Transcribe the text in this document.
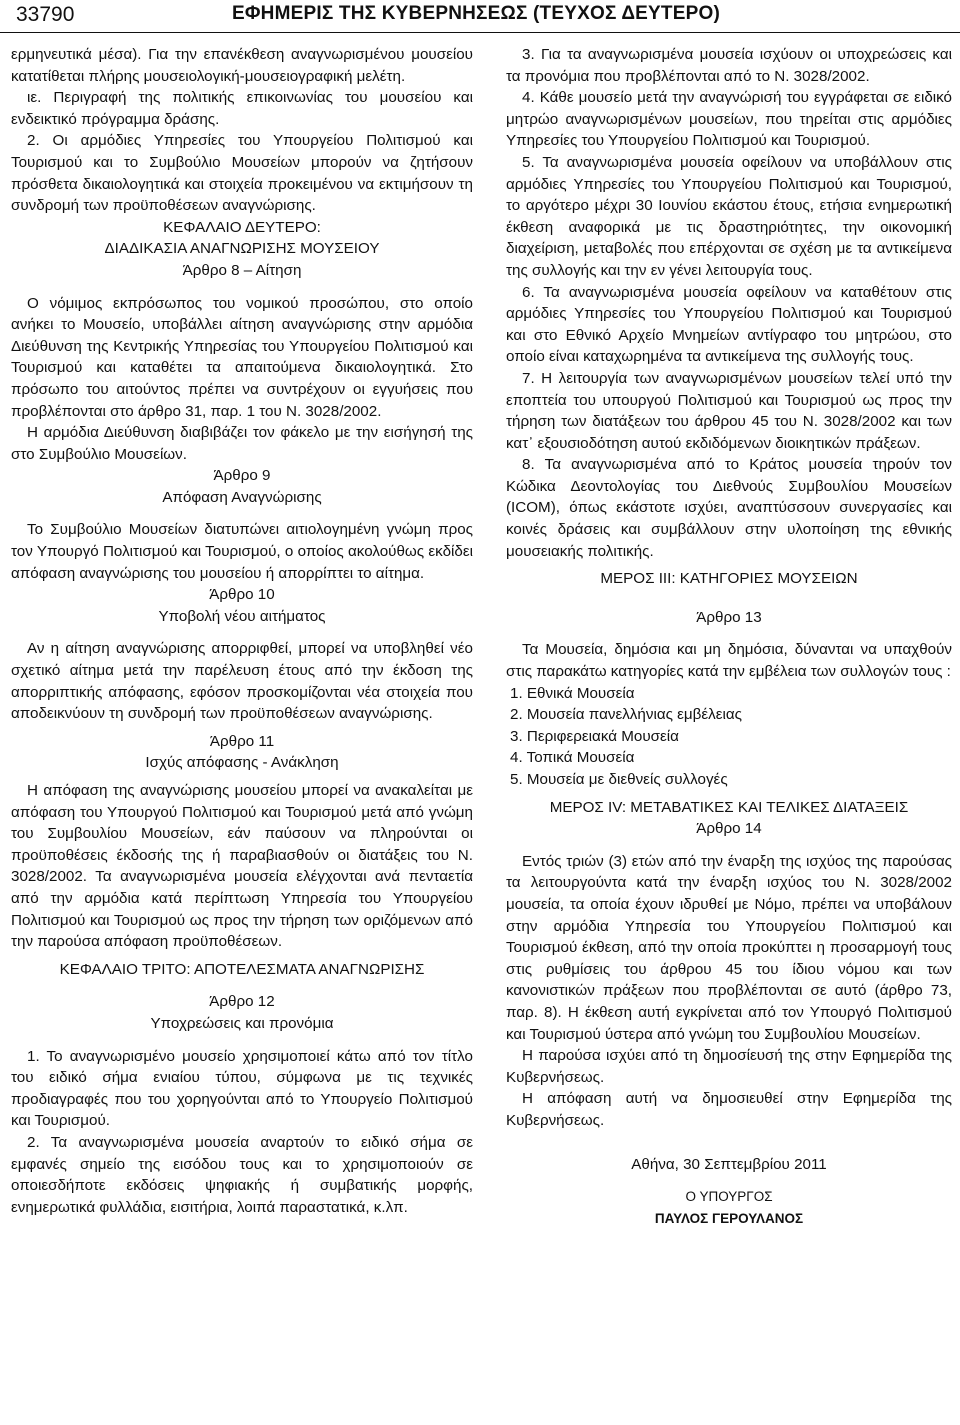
33790	ΕΦΗΜΕΡΙΣ ΤΗΣ ΚΥΒΕΡΝΗΣΕΩΣ (ΤΕΥΧΟΣ ΔΕΥΤΕΡΟ)

ερμηνευτικά μέσα). Για την επανέκθεση αναγνωρισμένου μουσείου κατατίθεται πλήρης μουσειολογική-μουσειογραφική μελέτη.

ιε. Περιγραφή της πολιτικής επικοινωνίας του μουσείου και ενδεικτικό πρόγραμμα δράσης.

2. Οι αρμόδιες Υπηρεσίες του Υπουργείου Πολιτισμού και Τουρισμού και το Συμβούλιο Μουσείων μπορούν να ζητήσουν πρόσθετα δικαιολογητικά και στοιχεία προκειμένου να εκτιμήσουν τη συνδρομή των προϋποθέσεων αναγνώρισης.

ΚΕΦΑΛΑΙΟ ΔΕΥΤΕΡΟ:

ΔΙΑΔΙΚΑΣΙΑ ΑΝΑΓΝΩΡΙΣΗΣ ΜΟΥΣΕΙΟΥ

Άρθρο 8 – Αίτηση

Ο νόμιμος εκπρόσωπος του νομικού προσώπου, στο οποίο ανήκει το Μουσείο, υποβάλλει αίτηση αναγνώρισης στην αρμόδια Διεύθυνση της Κεντρικής Υπηρεσίας του Υπουργείου Πολιτισμού και Τουρισμού και καταθέτει τα απαιτούμενα δικαιολογητικά. Στο πρόσωπο του αιτούντος πρέπει να συντρέχουν οι εγγυήσεις που προβλέπονται στο άρθρο 31, παρ. 1 του Ν. 3028/2002.

Η αρμόδια Διεύθυνση διαβιβάζει τον φάκελο με την εισήγησή της στο Συμβούλιο Μουσείων.

Άρθρο 9

Απόφαση Αναγνώρισης

Το Συμβούλιο Μουσείων διατυπώνει αιτιολογημένη γνώμη προς τον Υπουργό Πολιτισμού και Τουρισμού, ο οποίος ακολούθως εκδίδει απόφαση αναγνώρισης του μουσείου ή απορρίπτει το αίτημα.

Άρθρο 10

Υποβολή νέου αιτήματος

Αν η αίτηση αναγνώρισης απορριφθεί, μπορεί να υποβληθεί νέο σχετικό αίτημα μετά την παρέλευση έτους από την έκδοση της απορριπτικής απόφασης, εφόσον προσκομίζονται νέα στοιχεία που αποδεικνύουν τη συνδρομή των προϋποθέσεων αναγνώρισης.

Άρθρο 11

Ισχύς απόφασης - Ανάκληση

Η απόφαση της αναγνώρισης μουσείου μπορεί να ανακαλείται με απόφαση του Υπουργού Πολιτισμού και Τουρισμού μετά από γνώμη του Συμβουλίου Μουσείων, εάν παύσουν να πληρούνται οι προϋποθέσεις έκδοσής της ή παραβιασθούν οι διατάξεις του Ν. 3028/2002. Τα αναγνωρισμένα μουσεία ελέγχονται ανά πενταετία από την αρμόδια κατά περίπτωση Υπηρεσία του Υπουργείου Πολιτισμού και Τουρισμού ως προς την τήρηση των οριζόμενων από την παρούσα απόφαση προϋποθέσεων.

ΚΕΦΑΛΑΙΟ ΤΡΙΤΟ: ΑΠΟΤΕΛΕΣΜΑΤΑ ΑΝΑΓΝΩΡΙΣΗΣ

Άρθρο 12

Υποχρεώσεις και προνόμια

1. Το αναγνωρισμένο μουσείο χρησιμοποιεί κάτω από τον τίτλο του ειδικό σήμα ενιαίου τύπου, σύμφωνα με τις τεχνικές προδιαγραφές που του χορηγούνται από το Υπουργείο Πολιτισμού και Τουρισμού.

2. Τα αναγνωρισμένα μουσεία αναρτούν το ειδικό σήμα σε εμφανές σημείο της εισόδου τους και το χρησιμοποιούν σε οποιεσδήποτε εκδόσεις ψηφιακής ή συμβατικής μορφής, ενημερωτικά φυλλάδια, εισιτήρια, λοιπά παραστατικά, κ.λπ.

3. Για τα αναγνωρισμένα μουσεία ισχύουν οι υποχρεώσεις και τα προνόμια που προβλέπονται από το Ν. 3028/2002.

4. Κάθε μουσείο μετά την αναγνώρισή του εγγράφεται σε ειδικό μητρώο αναγνωρισμένων μουσείων, που τηρείται στις αρμόδιες Υπηρεσίες του Υπουργείου Πολιτισμού και Τουρισμού.

5. Τα αναγνωρισμένα μουσεία οφείλουν να υποβάλλουν στις αρμόδιες Υπηρεσίες του Υπουργείου Πολιτισμού και Τουρισμού, το αργότερο μέχρι 30 Ιουνίου εκάστου έτους, ετήσια ενημερωτική έκθεση αναφορικά με τις δραστηριότητες, την οικονομική διαχείριση, μεταβολές που επέρχονται σε σχέση με τα αντικείμενα της συλλογής και την εν γένει λειτουργία τους.

6. Τα αναγνωρισμένα μουσεία οφείλουν να καταθέτουν στις αρμόδιες Υπηρεσίες του Υπουργείου Πολιτισμού και Τουρισμού και στο Εθνικό Αρχείο Μνημείων αντίγραφο του μητρώου, στο οποίο είναι καταχωρημένα τα αντικείμενα της συλλογής τους.

7. Η λειτουργία των αναγνωρισμένων μουσείων τελεί υπό την εποπτεία του υπουργού Πολιτισμού και Τουρισμού ως προς την τήρηση των διατάξεων του άρθρου 45 του Ν. 3028/2002 και των κατ᾽ εξουσιοδότηση αυτού εκδιδόμενων διοικητικών πράξεων.

8. Τα αναγνωρισμένα από το Κράτος μουσεία τηρούν τον Κώδικα Δεοντολογίας του Διεθνούς Συμβουλίου Μουσείων (ICOM), όπως εκάστοτε ισχύει, αναπτύσσουν συνεργασίες και κοινές δράσεις και συμβάλλουν στην υλοποίηση της εθνικής μουσειακής πολιτικής.

ΜΕΡΟΣ ΙΙΙ: ΚΑΤΗΓΟΡΙΕΣ ΜΟΥΣΕΙΩΝ

Άρθρο 13

Τα Μουσεία, δημόσια και μη δημόσια, δύνανται να υπαχθούν στις παρακάτω κατηγορίες κατά την εμβέλεια των συλλογών τους :

1. Εθνικά Μουσεία

2. Μουσεία πανελλήνιας εμβέλειας

3. Περιφερειακά Μουσεία

4. Τοπικά Μουσεία

5. Μουσεία με διεθνείς συλλογές

ΜΕΡΟΣ IV: ΜΕΤΑΒΑΤΙΚΕΣ ΚΑΙ ΤΕΛΙΚΕΣ ΔΙΑΤΑΞΕΙΣ

Άρθρο 14

Εντός τριών (3) ετών από την έναρξη της ισχύος της παρούσας τα λειτουργούντα κατά την έναρξη ισχύος του Ν. 3028/2002 μουσεία, τα οποία έχουν ιδρυθεί με Νόμο, πρέπει να υποβάλουν στην αρμόδια Υπηρεσία του Υπουργείου Πολιτισμού και Τουρισμού έκθεση, από την οποία προκύπτει η προσαρμογή τους στις ρυθμίσεις του άρθρου 45 του ίδιου νόμου και των κανονιστικών πράξεων που προβλέπονται σε αυτό (άρθρο 73, παρ. 8). Η έκθεση αυτή εγκρίνεται από τον Υπουργό Πολιτισμού και Τουρισμού ύστερα από γνώμη του Συμβουλίου Μουσείων.

Η παρούσα ισχύει από τη δημοσίευσή της στην Εφημερίδα της Κυβερνήσεως.

Η απόφαση αυτή να δημοσιευθεί στην Εφημερίδα της Κυβερνήσεως.

Αθήνα, 30 Σεπτεμβρίου 2011

Ο ΥΠΟΥΡΓΟΣ

ΠΑΥΛΟΣ ΓΕΡΟΥΛΑΝΟΣ
